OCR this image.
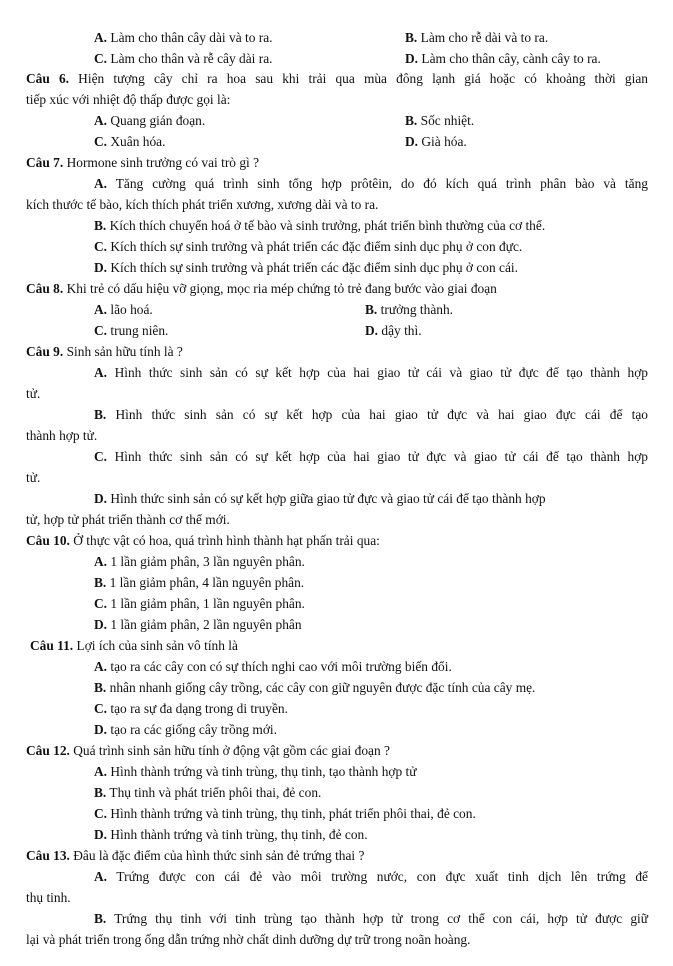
A. Làm cho thân cây dài và to ra.	B. Làm cho rễ dài và to ra.
C. Làm cho thân và rễ cây dài ra.	D. Làm cho thân cây, cành cây to ra.
Câu 6. Hiện tượng cây chỉ ra hoa sau khi trải qua mùa đông lạnh giá hoặc có khoảng thời gian
tiếp xúc với nhiệt độ thấp được gọi là:
A. Quang gián đoạn.	B. Sốc nhiệt.
C. Xuân hóa.	D. Già hóa.
Câu 7. Hormone sinh trưởng có vai trò gì ?
A. Tăng cường quá trình sinh tổng hợp prôtêin, do đó kích quá trình phân bào và tăng
kích thước tế bào, kích thích phát triển xương, xương dài và to ra.
B. Kích thích chuyển hoá ở tế bào và sinh trưởng, phát triển bình thường của cơ thể.
C. Kích thích sự sinh trưởng và phát triển các đặc điểm sinh dục phụ ở con đực.
D. Kích thích sự sinh trưởng và phát triển các đặc điểm sinh dục phụ ở con cái.
Câu 8. Khi trẻ có dấu hiệu vỡ giọng, mọc ria mép chứng tỏ trẻ đang bước vào giai đoạn
A. lão hoá.	B. trưởng thành.
C. trung niên.	D. dậy thì.
Câu 9. Sinh sản hữu tính là ?
A. Hình thức sinh sản có sự kết hợp của hai giao tử cái và giao tử đực để tạo thành hợp
tử.
B. Hình thức sinh sản có sự kết hợp của hai giao tử đực và hai giao đực cái để tạo
thành hợp tử.
C. Hình thức sinh sản có sự kết hợp của hai giao tử đực và giao tử cái để tạo thành hợp
tử.
D. Hình thức sinh sản có sự kết hợp giữa giao tử đực và giao tử cái để tạo thành hợp
tử, hợp tử phát triển thành cơ thể mới.
Câu 10. Ở thực vật có hoa, quá trình hình thành hạt phấn trải qua:
A. 1 lần giảm phân, 3 lần nguyên phân.
B. 1 lần giảm phân, 4 lần nguyên phân.
C. 1 lần giảm phân, 1 lần nguyên phân.
D. 1 lần giảm phân, 2 lần nguyên phân
Câu 11. Lợi ích của sinh sản vô tính là
A. tạo ra các cây con có sự thích nghi cao với môi trường biến đổi.
B. nhân nhanh giống cây trồng, các cây con giữ nguyên được đặc tính của cây mẹ.
C. tạo ra sự đa dạng trong di truyền.
D. tạo ra các giống cây trồng mới.
Câu 12. Quá trình sinh sản hữu tính ở động vật gồm các giai đoạn ?
A. Hình thành trứng và tinh trùng, thụ tinh, tạo thành hợp tử
B. Thụ tinh và phát triển phôi thai, đẻ con.
C. Hình thành trứng và tinh trùng, thụ tinh, phát triển phôi thai, đẻ con.
D. Hình thành trứng và tinh trùng, thụ tinh, đẻ con.
Câu 13. Đâu là đặc điểm của hình thức sinh sản đẻ trứng thai ?
A. Trứng được con cái đẻ vào môi trường nước, con đực xuất tinh dịch lên trứng để
thụ tinh.
B. Trứng thụ tinh với tinh trùng tạo thành hợp tử trong cơ thể con cái, hợp tử được giữ
lại và phát triển trong ống dẫn trứng nhờ chất dinh dưỡng dự trữ trong noãn hoàng.
